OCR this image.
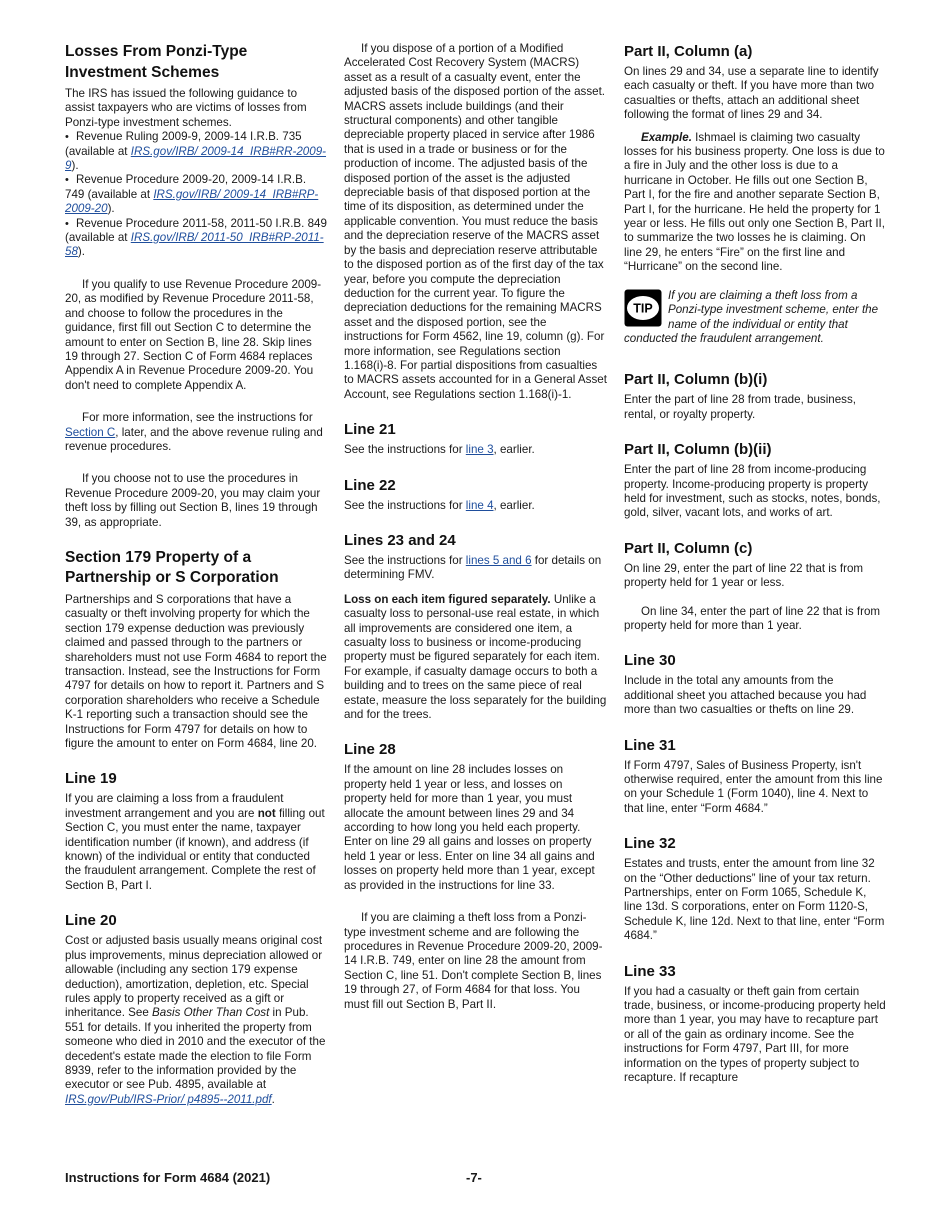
Losses From Ponzi-Type Investment Schemes

The IRS has issued the following guidance to assist taxpayers who are victims of losses from Ponzi-type investment schemes.

• Revenue Ruling 2009-9, 2009-14 I.R.B. 735 (available at IRS.gov/IRB/ 2009-14_IRB#RR-2009-9).

• Revenue Procedure 2009-20, 2009-14 I.R.B. 749 (available at IRS.gov/IRB/ 2009-14_IRB#RP-2009-20).

• Revenue Procedure 2011-58, 2011-50 I.R.B. 849 (available at IRS.gov/IRB/ 2011-50_IRB#RP-2011-58).

If you qualify to use Revenue Procedure 2009-20, as modified by Revenue Procedure 2011-58, and choose to follow the procedures in the guidance, first fill out Section C to determine the amount to enter on Section B, line 28. Skip lines 19 through 27. Section C of Form 4684 replaces Appendix A in Revenue Procedure 2009-20. You don't need to complete Appendix A.

For more information, see the instructions for Section C, later, and the above revenue ruling and revenue procedures.

If you choose not to use the procedures in Revenue Procedure 2009-20, you may claim your theft loss by filling out Section B, lines 19 through 39, as appropriate.

Section 179 Property of a Partnership or S Corporation

Partnerships and S corporations that have a casualty or theft involving property for which the section 179 expense deduction was previously claimed and passed through to the partners or shareholders must not use Form 4684 to report the transaction. Instead, see the Instructions for Form 4797 for details on how to report it. Partners and S corporation shareholders who receive a Schedule K-1 reporting such a transaction should see the Instructions for Form 4797 for details on how to figure the amount to enter on Form 4684, line 20.

Line 19

If you are claiming a loss from a fraudulent investment arrangement and you are not filling out Section C, you must enter the name, taxpayer identification number (if known), and address (if known) of the individual or entity that conducted the fraudulent arrangement. Complete the rest of Section B, Part I.

Line 20

Cost or adjusted basis usually means original cost plus improvements, minus depreciation allowed or allowable (including any section 179 expense deduction), amortization, depletion, etc. Special rules apply to property received as a gift or inheritance. See Basis Other Than Cost in Pub. 551 for details. If you inherited the property from someone who died in 2010 and the executor of the decedent's estate made the election to file Form 8939, refer to the information provided by the executor or see Pub. 4895, available at IRS.gov/Pub/IRS-Prior/ p4895--2011.pdf.

If you dispose of a portion of a Modified Accelerated Cost Recovery System (MACRS) asset as a result of a casualty event, enter the adjusted basis of the disposed portion of the asset. MACRS assets include buildings (and their structural components) and other tangible depreciable property placed in service after 1986 that is used in a trade or business or for the production of income. The adjusted basis of the disposed portion of the asset is the adjusted depreciable basis of that disposed portion at the time of its disposition, as determined under the applicable convention. You must reduce the basis and the depreciation reserve of the MACRS asset by the basis and depreciation reserve attributable to the disposed portion as of the first day of the tax year, before you compute the depreciation deduction for the current year. To figure the depreciation deductions for the remaining MACRS asset and the disposed portion, see the instructions for Form 4562, line 19, column (g). For more information, see Regulations section 1.168(i)-8. For partial dispositions from casualties to MACRS assets accounted for in a General Asset Account, see Regulations section 1.168(i)-1.

Line 21

See the instructions for line 3, earlier.

Line 22

See the instructions for line 4, earlier.

Lines 23 and 24

See the instructions for lines 5 and 6 for details on determining FMV.

Loss on each item figured separately. Unlike a casualty loss to personal-use real estate, in which all improvements are considered one item, a casualty loss to business or income-producing property must be figured separately for each item. For example, if casualty damage occurs to both a building and to trees on the same piece of real estate, measure the loss separately for the building and for the trees.

Line 28

If the amount on line 28 includes losses on property held 1 year or less, and losses on property held for more than 1 year, you must allocate the amount between lines 29 and 34 according to how long you held each property. Enter on line 29 all gains and losses on property held 1 year or less. Enter on line 34 all gains and losses on property held more than 1 year, except as provided in the instructions for line 33.

If you are claiming a theft loss from a Ponzi-type investment scheme and are following the procedures in Revenue Procedure 2009-20, 2009-14 I.R.B. 749, enter on line 28 the amount from Section C, line 51. Don't complete Section B, lines 19 through 27, of Form 4684 for that loss. You must fill out Section B, Part II.

Part II, Column (a)

On lines 29 and 34, use a separate line to identify each casualty or theft. If you have more than two casualties or thefts, attach an additional sheet following the format of lines 29 and 34.

Example. Ishmael is claiming two casualty losses for his business property. One loss is due to a fire in July and the other loss is due to a hurricane in October. He fills out one Section B, Part I, for the fire and another separate Section B, Part I, for the hurricane. He held the property for 1 year or less. He fills out only one Section B, Part II, to summarize the two losses he is claiming. On line 29, he enters “Fire” on the first line and “Hurricane” on the second line.

TIP

If you are claiming a theft loss from a Ponzi-type investment scheme, enter the name of the individual or entity that conducted the fraudulent arrangement.

Part II, Column (b)(i)

Enter the part of line 28 from trade, business, rental, or royalty property.

Part II, Column (b)(ii)

Enter the part of line 28 from income-producing property. Income-producing property is property held for investment, such as stocks, notes, bonds, gold, silver, vacant lots, and works of art.

Part II, Column (c)

On line 29, enter the part of line 22 that is from property held for 1 year or less.

On line 34, enter the part of line 22 that is from property held for more than 1 year.

Line 30

Include in the total any amounts from the additional sheet you attached because you had more than two casualties or thefts on line 29.

Line 31

If Form 4797, Sales of Business Property, isn't otherwise required, enter the amount from this line on your Schedule 1 (Form 1040), line 4. Next to that line, enter “Form 4684.”

Line 32

Estates and trusts, enter the amount from line 32 on the “Other deductions” line of your tax return. Partnerships, enter on Form 1065, Schedule K, line 13d. S corporations, enter on Form 1120-S, Schedule K, line 12d. Next to that line, enter “Form 4684.”

Line 33

If you had a casualty or theft gain from certain trade, business, or income-producing property held more than 1 year, you may have to recapture part or all of the gain as ordinary income. See the instructions for Form 4797, Part III, for more information on the types of property subject to recapture. If recapture

Instructions for Form 4684 (2021)	-7-
